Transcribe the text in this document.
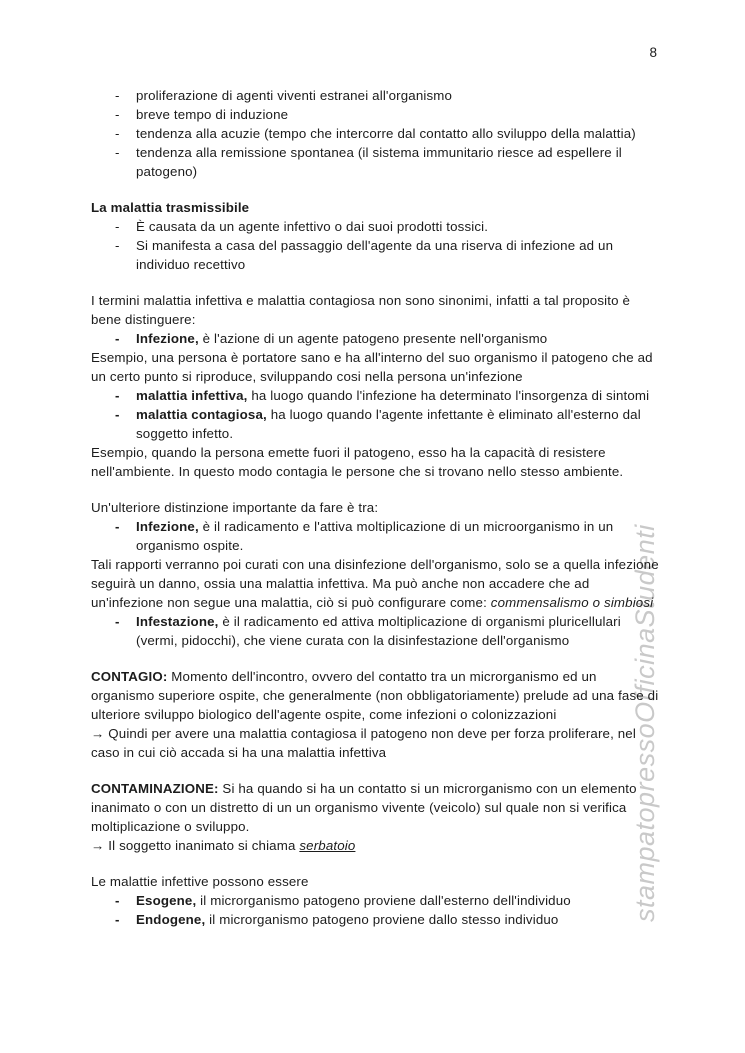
8
stampatopressoOfficinaStudenti
- proliferazione di agenti viventi estranei all'organismo
- breve tempo di induzione
- tendenza alla acuzie (tempo che intercorre dal contatto allo sviluppo della malattia)
- tendenza alla remissione spontanea (il sistema immunitario riesce ad espellere il patogeno)
La malattia trasmissibile
- È causata da un agente infettivo o dai suoi prodotti tossici.
- Si manifesta a casa del passaggio dell'agente da una riserva di infezione ad un individuo recettivo

I termini malattia infettiva e malattia contagiosa non sono sinonimi, infatti a tal proposito è bene distinguere:

- Infezione, è l'azione di un agente patogeno presente nell'organismo

Esempio, una persona è portatore sano e ha all'interno del suo organismo il patogeno che ad un certo punto si riproduce, sviluppando cosi nella persona un'infezione

- malattia infettiva, ha luogo quando l'infezione ha determinato l'insorgenza di sintomi
- malattia contagiosa, ha luogo quando l'agente infettante è eliminato all'esterno dal soggetto infetto.

Esempio, quando la persona emette fuori il patogeno, esso ha la capacità di resistere nell'ambiente. In questo modo contagia le persone che si trovano nello stesso ambiente.

Un'ulteriore distinzione importante da fare è tra:

- Infezione, è il radicamento e l'attiva moltiplicazione di un microorganismo in un organismo ospite.

Tali rapporti verranno poi curati con una disinfezione dell'organismo, solo se a quella infezione seguirà un danno, ossia una malattia infettiva. Ma può anche non accadere che ad un'infezione non segue una malattia, ciò si può configurare come: commensalismo o simbiosi

- Infestazione, è il radicamento ed attiva moltiplicazione di organismi pluricellulari (vermi, pidocchi), che viene curata con la disinfestazione dell'organismo

CONTAGIO: Momento dell'incontro, ovvero del contatto tra un microrganismo ed un organismo superiore ospite, che generalmente (non obbligatoriamente) prelude ad una fase di ulteriore sviluppo biologico dell'agente ospite, come infezioni o colonizzazioni

→ Quindi per avere una malattia contagiosa il patogeno non deve per forza proliferare, nel caso in cui ciò accada si ha una malattia infettiva

CONTAMINAZIONE: Si ha quando si ha un contatto si un microrganismo con un elemento inanimato o con un distretto di un un organismo vivente (veicolo) sul quale non si verifica moltiplicazione o sviluppo.

→ Il soggetto inanimato si chiama serbatoio

Le malattie infettive possono essere

- Esogene, il microrganismo patogeno proviene dall'esterno dell'individuo
- Endogene, il microrganismo patogeno proviene dallo stesso individuo
